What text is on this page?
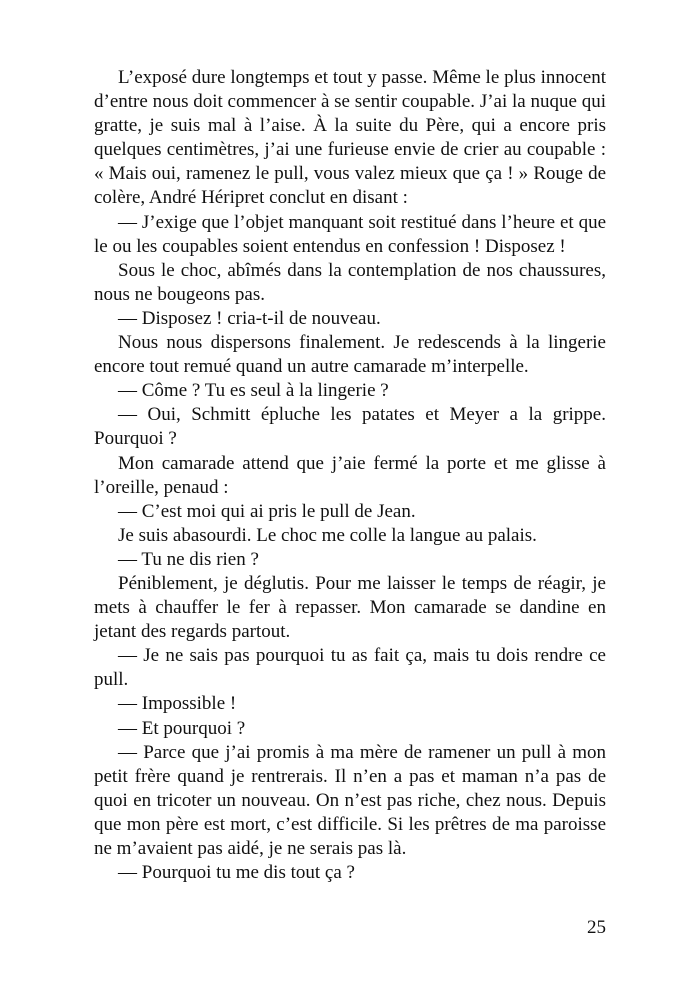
L’exposé dure longtemps et tout y passe. Même le plus innocent d’entre nous doit commencer à se sentir coupable. J’ai la nuque qui gratte, je suis mal à l’aise. À la suite du Père, qui a encore pris quelques centimètres, j’ai une furieuse envie de crier au coupable : « Mais oui, ramenez le pull, vous valez mieux que ça ! » Rouge de colère, André Héripret conclut en disant :

— J’exige que l’objet manquant soit restitué dans l’heure et que le ou les coupables soient entendus en confession ! Disposez !

Sous le choc, abîmés dans la contemplation de nos chaussures, nous ne bougeons pas.

— Disposez ! cria-t-il de nouveau.

Nous nous dispersons finalement. Je redescends à la lingerie encore tout remué quand un autre camarade m’interpelle.

— Côme ? Tu es seul à la lingerie ?

— Oui, Schmitt épluche les patates et Meyer a la grippe. Pourquoi ?

Mon camarade attend que j’aie fermé la porte et me glisse à l’oreille, penaud :

— C’est moi qui ai pris le pull de Jean.

Je suis abasourdi. Le choc me colle la langue au palais.

— Tu ne dis rien ?

Péniblement, je déglutis. Pour me laisser le temps de réagir, je mets à chauffer le fer à repasser. Mon camarade se dandine en jetant des regards partout.

— Je ne sais pas pourquoi tu as fait ça, mais tu dois rendre ce pull.

— Impossible !

— Et pourquoi ?

— Parce que j’ai promis à ma mère de ramener un pull à mon petit frère quand je rentrerais. Il n’en a pas et maman n’a pas de quoi en tricoter un nouveau. On n’est pas riche, chez nous. Depuis que mon père est mort, c’est difficile. Si les prêtres de ma paroisse ne m’avaient pas aidé, je ne serais pas là.

— Pourquoi tu me dis tout ça ?

25
